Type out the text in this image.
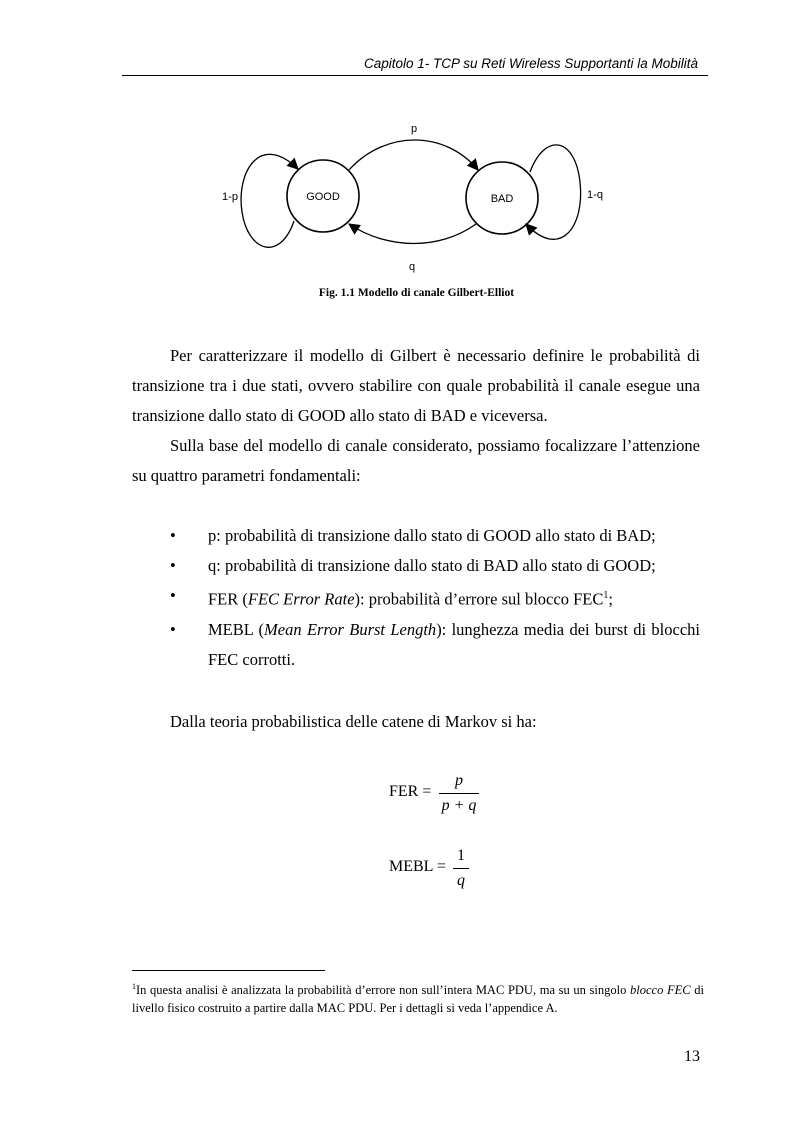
Capitolo 1- TCP su Reti Wireless Supportanti la Mobilità
GOOD	BAD
p
q
1-p	1-q
Fig. 1.1 Modello di canale Gilbert-Elliot
Per caratterizzare il modello di Gilbert è necessario definire le probabilità di transizione tra i due stati, ovvero stabilire con quale probabilità il canale esegue una transizione dallo stato di GOOD allo stato di BAD e viceversa.
Sulla base del modello di canale considerato, possiamo focalizzare l’attenzione su quattro parametri fondamentali:
• p: probabilità di transizione dallo stato di GOOD allo stato di BAD;
• q: probabilità di transizione dallo stato di BAD allo stato di GOOD;
• FER (FEC Error Rate): probabilità d’errore sul blocco FEC$^1$;
• MEBL (Mean Error Burst Length): lunghezza media dei burst di blocchi FEC corrotti.
Dalla teoria probabilistica delle catene di Markov si ha:
FER =
p
p + q
MEBL =
1
q
$^1$In questa analisi è analizzata la probabilità d’errore non sull’intera MAC PDU, ma su un singolo blocco FEC di livello fisico costruito a partire dalla MAC PDU. Per i dettagli si veda l’appendice A.
13
